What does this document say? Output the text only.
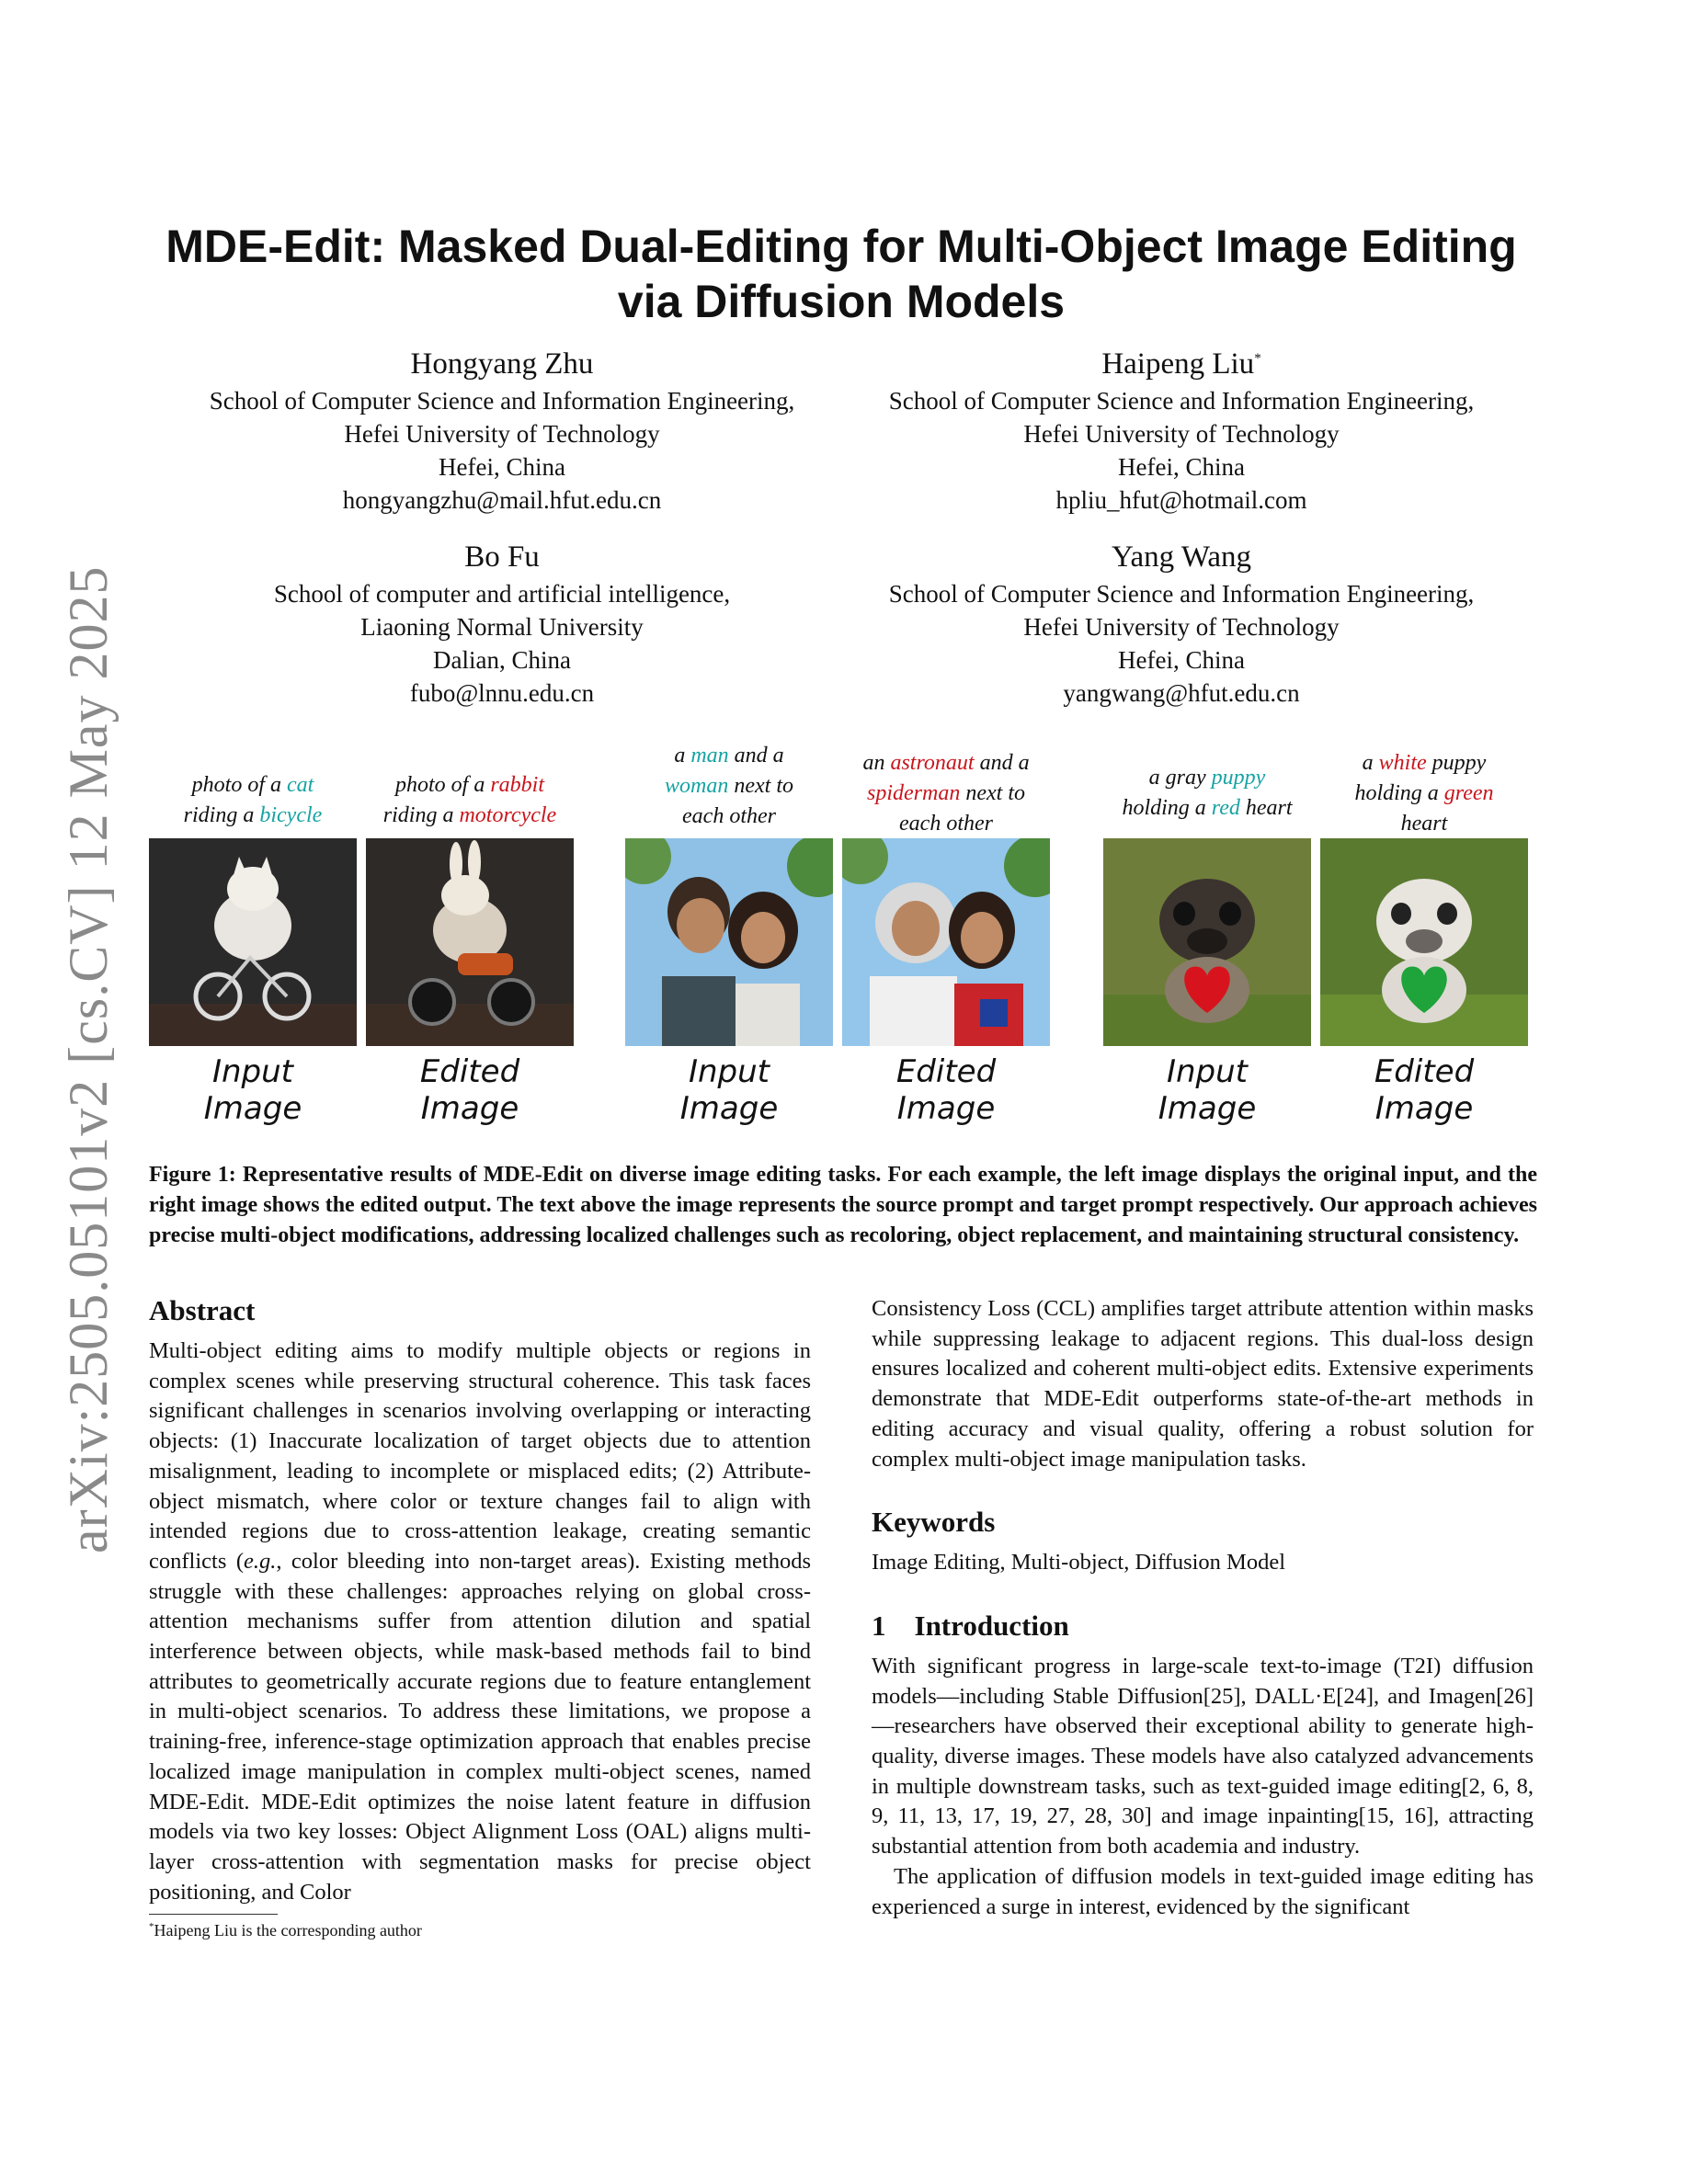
arXiv:2505.05101v2 [cs.CV] 12 May 2025
MDE-Edit: Masked Dual-Editing for Multi-Object Image Editing
via Diffusion Models
Hongyang Zhu
School of Computer Science and Information Engineering,
Hefei University of Technology
Hefei, China
hongyangzhu@mail.hfut.edu.cn
Haipeng Liu*
School of Computer Science and Information Engineering,
Hefei University of Technology
Hefei, China
hpliu_hfut@hotmail.com
Bo Fu
School of computer and artificial intelligence,
Liaoning Normal University
Dalian, China
fubo@lnnu.edu.cn
Yang Wang
School of Computer Science and Information Engineering,
Hefei University of Technology
Hefei, China
yangwang@hfut.edu.cn
photo of a cat
riding a bicycle
photo of a rabbit
riding a motorcycle
a man and a
woman next to
each other
an astronaut and a
spiderman next to
each other
a gray puppy
holding a red heart
a white puppy
holding a green
heart
Input
Image
Edited
Image
Input
Image
Edited
Image
Input
Image
Edited
Image
Figure 1: Representative results of MDE-Edit on diverse image editing tasks. For each example, the left image displays the original input, and the right image shows the edited output. The text above the image represents the source prompt and target prompt respectively. Our approach achieves precise multi-object modifications, addressing localized challenges such as recoloring, object replacement, and maintaining structural consistency.
Abstract

Multi-object editing aims to modify multiple objects or regions in complex scenes while preserving structural coherence. This task faces significant challenges in scenarios involving overlapping or interacting objects: (1) Inaccurate localization of target objects due to attention misalignment, leading to incomplete or misplaced edits; (2) Attribute-object mismatch, where color or texture changes fail to align with intended regions due to cross-attention leakage, creating semantic conflicts (e.g., color bleeding into non-target areas). Existing methods struggle with these challenges: approaches relying on global cross-attention mechanisms suffer from attention dilution and spatial interference between objects, while mask-based methods fail to bind attributes to geometrically accurate regions due to feature entanglement in multi-object scenarios. To address these limitations, we propose a training-free, inference-stage optimization approach that enables precise localized image manipulation in complex multi-object scenes, named MDE-Edit. MDE-Edit optimizes the noise latent feature in diffusion models via two key losses: Object Alignment Loss (OAL) aligns multi-layer cross-attention with segmentation masks for precise object positioning, and Color

Consistency Loss (CCL) amplifies target attribute attention within masks while suppressing leakage to adjacent regions. This dual-loss design ensures localized and coherent multi-object edits. Extensive experiments demonstrate that MDE-Edit outperforms state-of-the-art methods in editing accuracy and visual quality, offering a robust solution for complex multi-object image manipulation tasks.

Keywords

Image Editing, Multi-object, Diffusion Model

1    Introduction

With significant progress in large-scale text-to-image (T2I) diffusion models—including Stable Diffusion[25], DALL·E[24], and Imagen[26]—researchers have observed their exceptional ability to generate high-quality, diverse images. These models have also catalyzed advancements in multiple downstream tasks, such as text-guided image editing[2, 6, 8, 9, 11, 13, 17, 19, 27, 28, 30] and image inpainting[15, 16], attracting substantial attention from both academia and industry.

The application of diffusion models in text-guided image editing has experienced a surge in interest, evidenced by the significant

*Haipeng Liu is the corresponding author
